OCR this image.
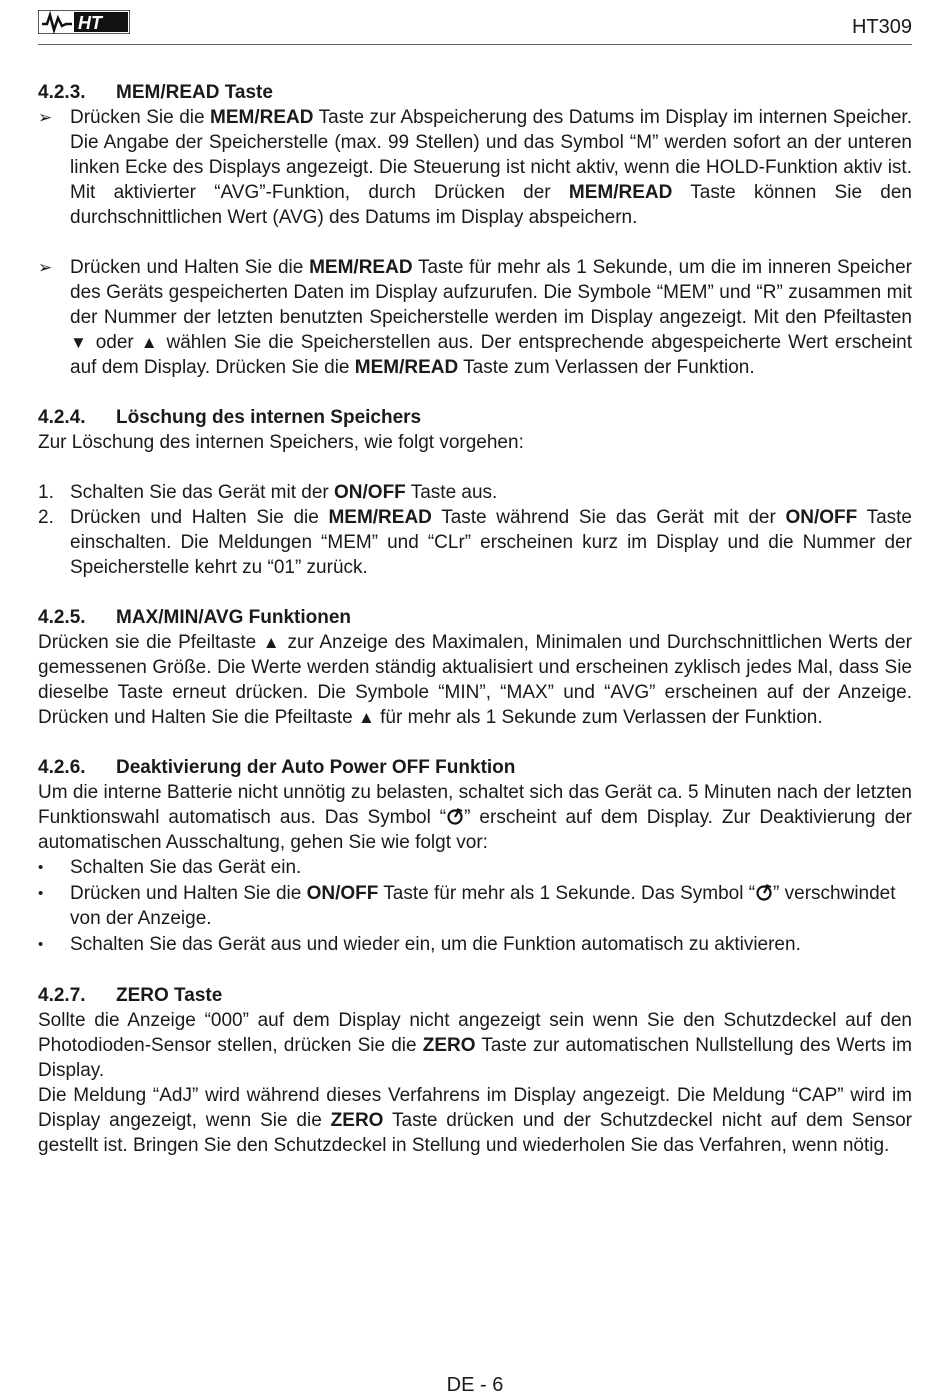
HT	HT309
4.2.3. MEM/READ Taste
➢ Drücken Sie die MEM/READ Taste zur Abspeicherung des Datums im Display im internen Speicher. Die Angabe der Speicherstelle (max. 99 Stellen) und das Symbol “M” werden sofort an der unteren linken Ecke des Displays angezeigt. Die Steuerung ist nicht aktiv, wenn die HOLD-Funktion aktiv ist. Mit aktivierter “AVG”-Funktion, durch Drücken der MEM/READ Taste können Sie den durchschnittlichen Wert (AVG) des Datums im Display abspeichern.
➢ Drücken und Halten Sie die MEM/READ Taste für mehr als 1 Sekunde, um die im inneren Speicher des Geräts gespeicherten Daten im Display aufzurufen. Die Symbole “MEM” und “R” zusammen mit der Nummer der letzten benutzten Speicherstelle werden im Display angezeigt. Mit den Pfeiltasten ▼ oder ▲ wählen Sie die Speicherstellen aus. Der entsprechende abgespeicherte Wert erscheint auf dem Display. Drücken Sie die MEM/READ Taste zum Verlassen der Funktion.
4.2.4. Löschung des internen Speichers

Zur Löschung des internen Speichers, wie folgt vorgehen:

1. Schalten Sie das Gerät mit der ON/OFF Taste aus.
2. Drücken und Halten Sie die MEM/READ Taste während Sie das Gerät mit der ON/OFF Taste einschalten. Die Meldungen “MEM” und “CLr” erscheinen kurz im Display und die Nummer der Speicherstelle kehrt zu “01” zurück.
4.2.5. MAX/MIN/AVG Funktionen

Drücken sie die Pfeiltaste ▲ zur Anzeige des Maximalen, Minimalen und Durchschnittlichen Werts der gemessenen Größe. Die Werte werden ständig aktualisiert und erscheinen zyklisch jedes Mal, dass Sie dieselbe Taste erneut drücken. Die Symbole “MIN”, “MAX” und “AVG” erscheinen auf der Anzeige. Drücken und Halten Sie die Pfeiltaste ▲ für mehr als 1 Sekunde zum Verlassen der Funktion.

4.2.6. Deaktivierung der Auto Power OFF Funktion

Um die interne Batterie nicht unnötig zu belasten, schaltet sich das Gerät ca. 5 Minuten nach der letzten Funktionswahl automatisch aus. Das Symbol “ ” erscheint auf dem Display. Zur Deaktivierung der automatischen Ausschaltung, gehen Sie wie folgt vor:

•	Schalten Sie das Gerät ein.
•	Drücken und Halten Sie die ON/OFF Taste für mehr als 1 Sekunde. Das Symbol “ ” verschwindet von der Anzeige.
•	Schalten Sie das Gerät aus und wieder ein, um die Funktion automatisch zu aktivieren.
4.2.7. ZERO Taste

Sollte die Anzeige “000” auf dem Display nicht angezeigt sein wenn Sie den Schutzdeckel auf den Photodioden-Sensor stellen, drücken Sie die ZERO Taste zur automatischen Nullstellung des Werts im Display.

Die Meldung “AdJ” wird während dieses Verfahrens im Display angezeigt. Die Meldung “CAP” wird im Display angezeigt, wenn Sie die ZERO Taste drücken und der Schutzdeckel nicht auf dem Sensor gestellt ist. Bringen Sie den Schutzdeckel in Stellung und wiederholen Sie das Verfahren, wenn nötig.

DE - 6
